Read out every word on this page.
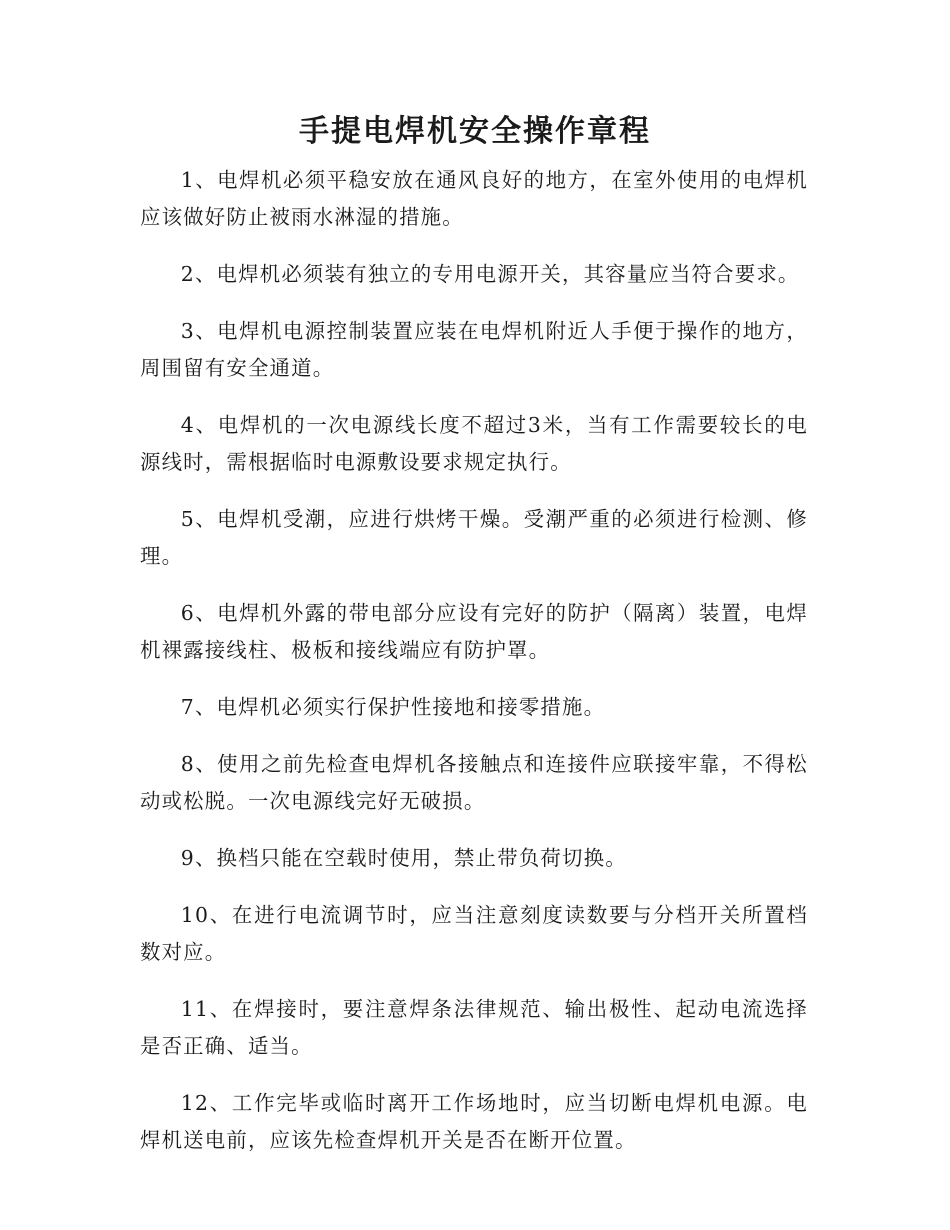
手提电焊机安全操作章程
1、电焊机必须平稳安放在通风良好的地方，在室外使用的电焊机应该做好防止被雨水淋湿的措施。
2、电焊机必须装有独立的专用电源开关，其容量应当符合要求。
3、电焊机电源控制装置应装在电焊机附近人手便于操作的地方，周围留有安全通道。
4、电焊机的一次电源线长度不超过3米，当有工作需要较长的电源线时，需根据临时电源敷设要求规定执行。
5、电焊机受潮，应进行烘烤干燥。受潮严重的必须进行检测、修理。
6、电焊机外露的带电部分应设有完好的防护（隔离）装置，电焊机裸露接线柱、极板和接线端应有防护罩。
7、电焊机必须实行保护性接地和接零措施。
8、使用之前先检查电焊机各接触点和连接件应联接牢靠，不得松动或松脱。一次电源线完好无破损。
9、换档只能在空载时使用，禁止带负荷切换。
10、在进行电流调节时，应当注意刻度读数要与分档开关所置档数对应。
11、在焊接时，要注意焊条法律规范、输出极性、起动电流选择是否正确、适当。
12、工作完毕或临时离开工作场地时，应当切断电焊机电源。电焊机送电前，应该先检查焊机开关是否在断开位置。
